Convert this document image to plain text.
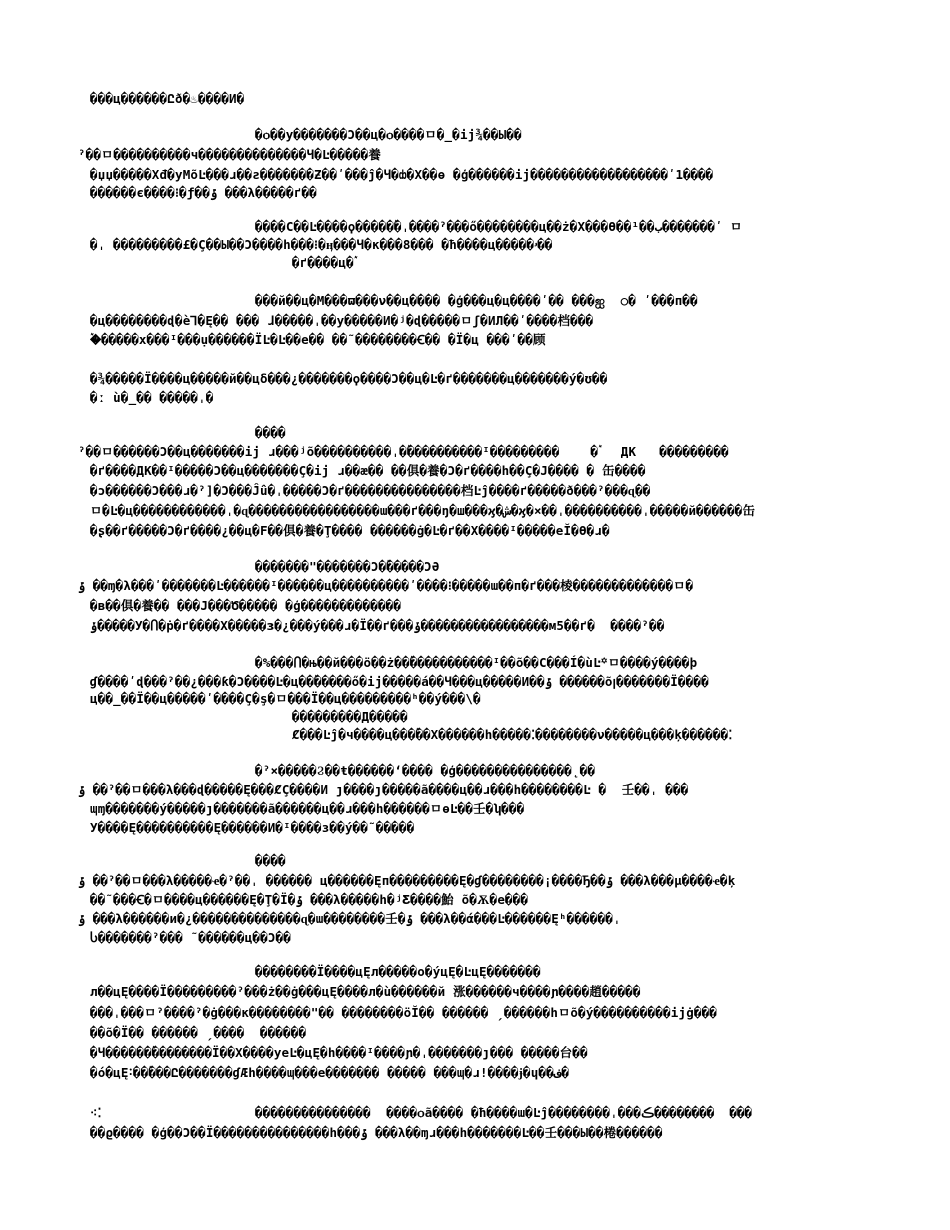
���ц������Ըð�♨����И�
�ѻ��у�������Ͻ��ц�ѻ����ㅁ�_�ij¾��Ы��
ˀ��ㅁ����������ч��������������Ч�Ŀ�����養
�џџ�����Хđ�уМõĿ���ɹ��ƨ�������Ƶ��ʹ���ĵ�Ч�ȸ�Х��ɵ �ģ������ij�����������ٞ�������ʹ1����
������є����⁝�ƒ��ݹ ���λ�����ґ��
����С��Ŀ����ϙ�����ٞ�ˌ����ˀ���ő��������ц��ż�Х���Ө��¹��ب�������ʹ ㅁ
�ˌ ���������£�Ç��Ы��Ͻ����һ���⁝�ӊ���Ч�к���8��� �ħ����ц�����ۥ��
�ґ����ц�ٞ
���й��ц�М���ϖ���ν��ц���� �ģ���ц�ц����ʹ�� ���ஐ  ○� ʹ���п��
�ц��������ɖ�ѐ⅂�Ę�� ��� ɺ�����ˌ��у�����И�ʲ�ɖ�����ㅁʃ�ИЛ��ʹ����档���
�ٞ�����х���ᴵ���ụ������ÏĿ�Ŀ��е�� ��˜��������Ꞓ�� �Ï�ц ���ʹ��顾
�¾�����Ï����ц�����й��цδ���¿�������ϙ����Ͻ��ц�Ŀ�ґ�������ц�������ý�ʊ��
�ː ù�_�� �����ˌ�
����
ˀ��ㅁ������Ͻ��ц�������ij ɹ���ʲõ����������ˌ�ٞ����������ᴵ���������    �ٞ   ДК   ���������
�ґ����ДК��ᴵ�����Ͻ��ц�������Ç�ij ɹ��æ�� ��俱�養�Ͻ�ґ����һ��Ç�Ј���� � 缶����
�ɔ������Ͻ���ɹ�ˀ]�Ͻ���Ĵû�ˌ�����Ͻ�ґ���������������档Ŀĵ����ґ�����ð���ˀ���ɋ��
ㅁ�Ŀ�ц������������ˌ�ɋ�����������������ɯ���ґ���ŋ�ш���ϗ�ش�ϗ�×��ˌ����������ˌ�����й������缶
�ʂ��ґ�����Ͻ�ґ����¿��ц�Ϝ��俱�養�Ţ���� ������ġ�Ŀ�ґ��Х����ᴵ�����еĬ�Ө�ɹ�
�������"�������Ͻ�ٞ�����ϽƏ
ݹ ��ɱ�λ���ʹ�������Ŀ������ᴵ������ц����������ʹ����⁝�����ɯ��п�ґ���棱�������������ㅁ�
�в��俱�養�� ���Ј���Ծ����� �ģ�������������
ݸ�����У�Ⴖ�ṗ�ґ����Х�����ɜ�¿���ý���ɹ�Ï��ґ���ݸ�����������������м5��ґ�  ����ˀ��
�%���Ⴖ�њ��й���ӧ��ż��ٞ�����������ᴵ��õ��С���Í�ùĿ꙳ㅁ����ý����þ
ɠ����ʹɖ���ˀ��¿���ƙ�Ͻ����Ŀ�ц��ٞ�����ő�ij�����á��Ч���ц�����И��ݹ ������õꞁ�������Ï����
ц��_��Ï��ц�����ʹ����Ç�ş�ㅁ���Ï��ц���������ʰ��ý���\�
���������Д�����
Ȼ���Ŀĵ�ч����ц���ٞ��Х������һ�����⁚��������ν�����ц���ķ������⁚
�ˀ×�����Ϩ��ŧ������ʻ���� �ģ���������������˛��
ݹ ��ˀ��ㅁ���λ���ɖ�����Ę���ȻÇ����И ȷ����ȷ�����ã����ц��ɹ���һ��������Ŀ �  壬��ˌ ���
ɰɱ�������ý�����ȷ�������ã������ц��ɹ���һ������ㅁɵĿ��壬�ʮ���
У����Ę����������Ę������И�ᴵ����з��ý��˜�����
����
ݹ ��ˀ��ㅁ���λ�����ҽ�ˀ��ˌ ������ ц������Ęп���������Ę�ɠ��������¡����Ђ��ݹ ���λ���µ����ҽ�ķ
��˜���Ꞓ�ㅁ����ц������Ę�Ţ�Ϊ�ݹ ���λ�����һ�ʲƸ����鮐 õ�Ѫ�е���
ݹ ���λ������и�¿��������������ɋ�ɯ��������壬�ݹ ���λ��ά���Ŀ������Ęʰ������ˌ
Ⴑ�������ˀ��� ˜������ц��Ͻ��
��������Ï����цĘл�����о�ýцĘ�ĿцĘ�������
л��цĘ����Ï���������ˀ���ż��ġ���цĘ����л�ù������й 涨������ч����ɲ����趙�����
���ˌ���ㅁˀ����ˀ�ġ���к��������"�� ��������ӧĬ�� ������ ˏ������һㅁõ�ý����������ijġ���
��õ�Ï�� ������ ˏ����  ������
�Ч������ٞ��������Ï��Х����уеĿ�цĘ�һ����ᴵ����ɲ�ˌ�������ȷ��� �����台��
�ó�цĘ˸��ٞ���Ը�������ɠÆһ����ɰ���е������� ����� ���ɰ�ɹ!����ɉ�ɥ��ف�
⁖⁚	���������������  ����ѻã���� �ħ����ɯ�Ŀĵ��������ˌ���ڪ��������  ���
��ϱ���� �ģ��Ͻ��Ï���������������һ���ݹ ���λ��ɱɹ���һ�������Ŀ��壬���Ы��棬������
